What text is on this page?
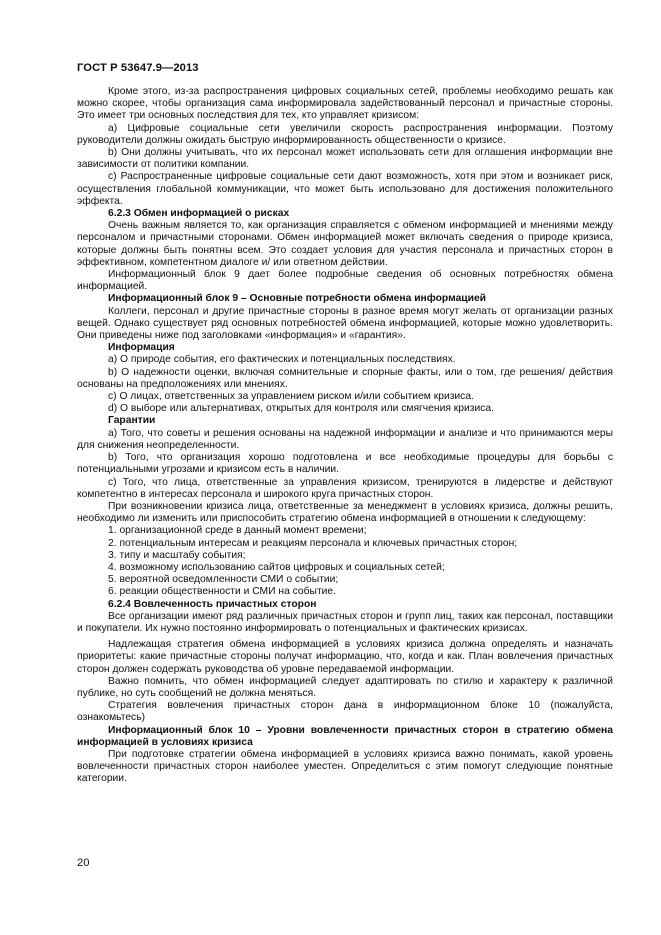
ГОСТ Р 53647.9—2013

Кроме этого, из-за распространения цифровых социальных сетей, проблемы необходимо решать как можно скорее, чтобы организация сама информировала задействованный персонал и причастные стороны. Это имеет три основных последствия для тех, кто управляет кризисом:

а) Цифровые социальные сети увеличили скорость распространения информации. Поэтому руководители должны ожидать быструю информированность общественности о кризисе.

b) Они должны учитывать, что их персонал может использовать сети для оглашения информации вне зависимости от политики компании.

c) Распространенные цифровые социальные сети дают возможность, хотя при этом и возникает риск, осуществления глобальной коммуникации, что может быть использовано для достижения положительного эффекта.

6.2.3 Обмен информацией о рисках

Очень важным является то, как организация справляется с обменом информацией и мнениями между персоналом и причастными сторонами. Обмен информацией может включать сведения о природе кризиса, которые должны быть понятны всем. Это создает условия для участия персонала и причастных сторон в эффективном, компетентном диалоге и/ или ответном действии.

Информационный блок 9 дает более подробные сведения об основных потребностях обмена информацией.

Информационный блок 9 – Основные потребности обмена информацией

Коллеги, персонал и другие причастные стороны в разное время могут желать от организации разных вещей. Однако существует ряд основных потребностей обмена информацией, которые можно удовлетворить. Они приведены ниже под заголовками «информация» и «гарантия».

Информация

а) О природе события, его фактических и потенциальных последствиях.

b) О надежности оценки, включая сомнительные и спорные факты, или о том, где решения/ действия основаны на предположениях или мнениях.

c) О лицах, ответственных за управлением риском и/или событием кризиса.

d) О выборе или альтернативах, открытых для контроля или смягчения кризиса.

Гарантии

а) Того, что советы и решения основаны на надежной информации и анализе и что принимаются меры для снижения неопределенности.

b) Того, что организация хорошо подготовлена и все необходимые процедуры для борьбы с потенциальными угрозами и кризисом есть в наличии.

c) Того, что лица, ответственные за управления кризисом, тренируются в лидерстве и действуют компетентно в интересах персонала и широкого круга причастных сторон.

При возникновении кризиса лица, ответственные за менеджмент в условиях кризиса, должны решить, необходимо ли изменить или приспособить стратегию обмена информацией в отношении к следующему:

1. организационной среде в данный момент времени;

2. потенциальным интересам и реакциям персонала и ключевых причастных сторон;

3. типу и масштабу события;

4. возможному использованию сайтов цифровых и социальных сетей;

5. вероятной осведомленности СМИ о событии;

6. реакции общественности и СМИ на событие.

6.2.4 Вовлеченность причастных сторон

Все организации имеют ряд различных причастных сторон и групп лиц, таких как персонал, поставщики и покупатели. Их нужно постоянно информировать о потенциальных и фактических кризисах.

Надлежащая стратегия обмена информацией в условиях кризиса должна определять и назначать приоритеты: какие причастные стороны получат информацию, что, когда и как. План вовлечения причастных сторон должен содержать руководства об уровне передаваемой информации.

Важно помнить, что обмен информацией следует адаптировать по стилю и характеру к различной публике, но суть сообщений не должна меняться.

Стратегия вовлечения причастных сторон дана в информационном блоке 10 (пожалуйста, ознакомьтесь)

Информационный блок 10 – Уровни вовлеченности причастных сторон в стратегию обмена информацией в условиях кризиса

При подготовке стратегии обмена информацией в условиях кризиса важно понимать, какой уровень вовлеченности причастных сторон наиболее уместен. Определиться с этим помогут следующие понятные категории.

20
